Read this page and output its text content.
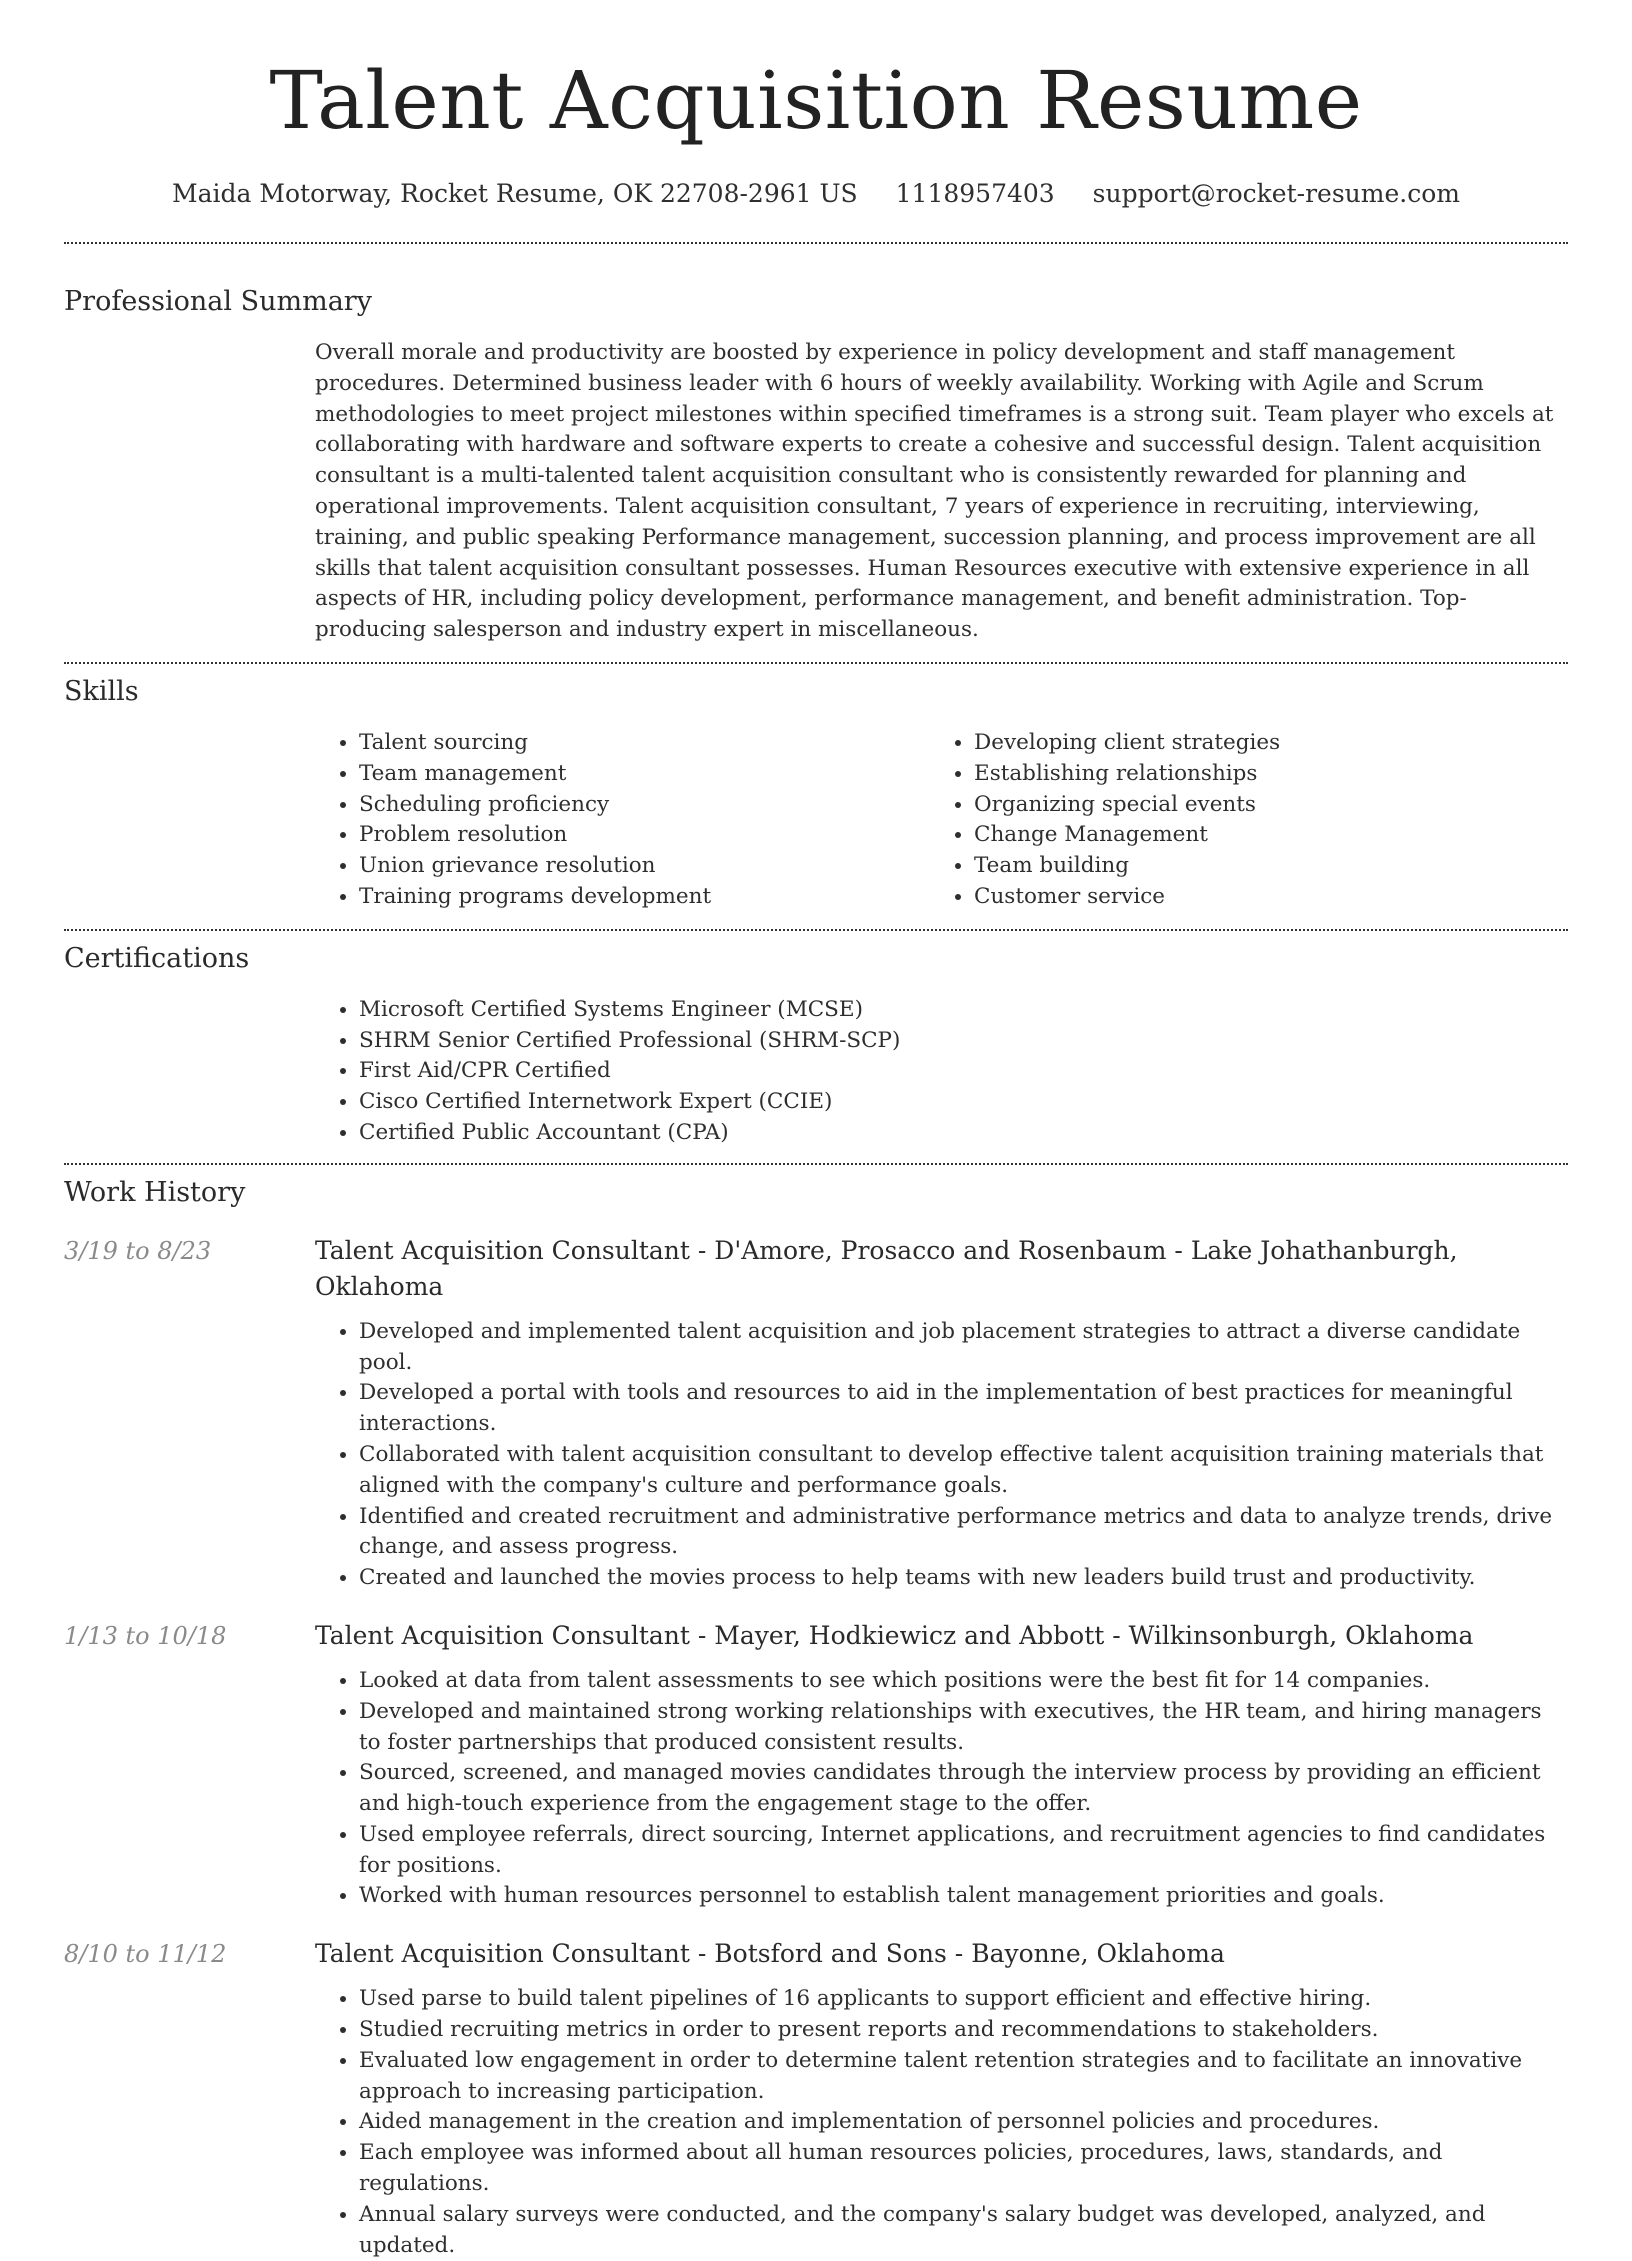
Talent Acquisition Resume
Maida Motorway, Rocket Resume, OK 22708-2961 US 1118957403 support@rocket-resume.com
Professional Summary

Overall morale and productivity are boosted by experience in policy development and staff management procedures. Determined business leader with 6 hours of weekly availability. Working with Agile and Scrum methodologies to meet project milestones within specified timeframes is a strong suit. Team player who excels at collaborating with hardware and software experts to create a cohesive and successful design. Talent acquisition consultant is a multi-talented talent acquisition consultant who is consistently rewarded for planning and operational improvements. Talent acquisition consultant, 7 years of experience in recruiting, interviewing, training, and public speaking Performance management, succession planning, and process improvement are all skills that talent acquisition consultant possesses. Human Resources executive with extensive experience in all aspects of HR, including policy development, performance management, and benefit administration. Top-producing salesperson and industry expert in miscellaneous.

Skills
• Talent sourcing
• Team management
• Scheduling proficiency
• Problem resolution
• Union grievance resolution
• Training programs development
• Developing client strategies
• Establishing relationships
• Organizing special events
• Change Management
• Team building
• Customer service
Certifications
• Microsoft Certified Systems Engineer (MCSE)
• SHRM Senior Certified Professional (SHRM-SCP)
• First Aid/CPR Certified
• Cisco Certified Internetwork Expert (CCIE)
• Certified Public Accountant (CPA)
Work History
3/19 to 8/23	Talent Acquisition Consultant - D'Amore, Prosacco and Rosenbaum - Lake Johathanburgh, Oklahoma
• Developed and implemented talent acquisition and job placement strategies to attract a diverse candidate pool.
• Developed a portal with tools and resources to aid in the implementation of best practices for meaningful interactions.
• Collaborated with talent acquisition consultant to develop effective talent acquisition training materials that aligned with the company's culture and performance goals.
• Identified and created recruitment and administrative performance metrics and data to analyze trends, drive change, and assess progress.
• Created and launched the movies process to help teams with new leaders build trust and productivity.
1/13 to 10/18	Talent Acquisition Consultant - Mayer, Hodkiewicz and Abbott - Wilkinsonburgh, Oklahoma
• Looked at data from talent assessments to see which positions were the best fit for 14 companies.
• Developed and maintained strong working relationships with executives, the HR team, and hiring managers to foster partnerships that produced consistent results.
• Sourced, screened, and managed movies candidates through the interview process by providing an efficient and high-touch experience from the engagement stage to the offer.
• Used employee referrals, direct sourcing, Internet applications, and recruitment agencies to find candidates for positions.
• Worked with human resources personnel to establish talent management priorities and goals.
8/10 to 11/12	Talent Acquisition Consultant - Botsford and Sons - Bayonne, Oklahoma
• Used parse to build talent pipelines of 16 applicants to support efficient and effective hiring.
• Studied recruiting metrics in order to present reports and recommendations to stakeholders.
• Evaluated low engagement in order to determine talent retention strategies and to facilitate an innovative approach to increasing participation.
• Aided management in the creation and implementation of personnel policies and procedures.
• Each employee was informed about all human resources policies, procedures, laws, standards, and regulations.
• Annual salary surveys were conducted, and the company's salary budget was developed, analyzed, and updated.
